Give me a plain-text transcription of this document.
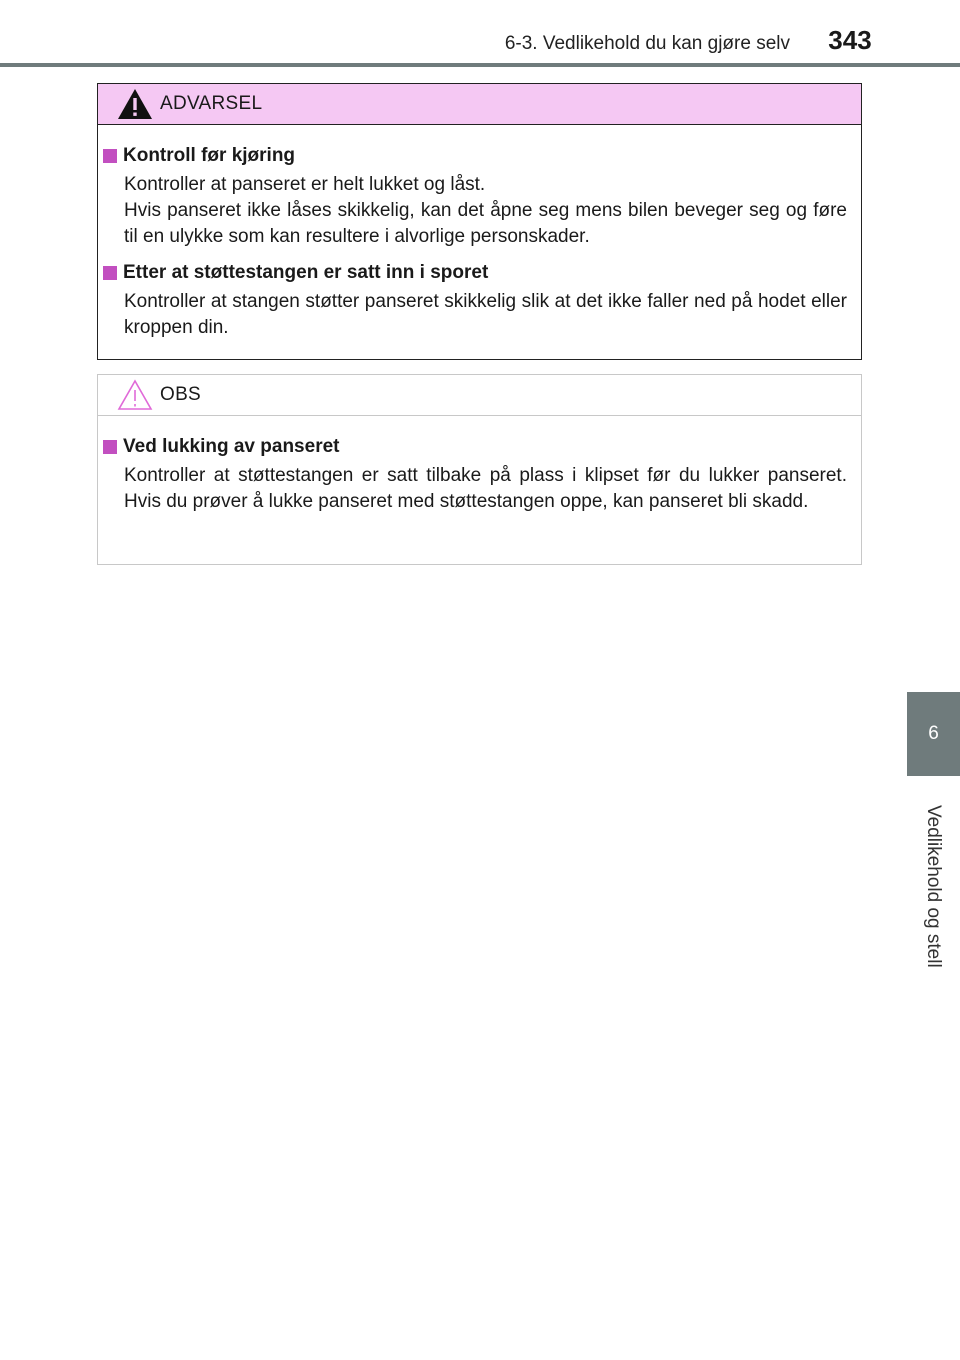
6-3. Vedlikehold du kan gjøre selv	343
6
Vedlikehold og stell
ADVARSEL
Kontroll før kjøring
Kontroller at panseret er helt lukket og låst.
Hvis panseret ikke låses skikkelig, kan det åpne seg mens bilen beveger seg og føre til en ulykke som kan resultere i alvorlige personskader.
Etter at støttestangen er satt inn i sporet
Kontroller at stangen støtter panseret skikkelig slik at det ikke faller ned på hodet eller kroppen din.
OBS
Ved lukking av panseret
Kontroller at støttestangen er satt tilbake på plass i klipset før du lukker panseret. Hvis du prøver å lukke panseret med støttestangen oppe, kan panseret bli skadd.
